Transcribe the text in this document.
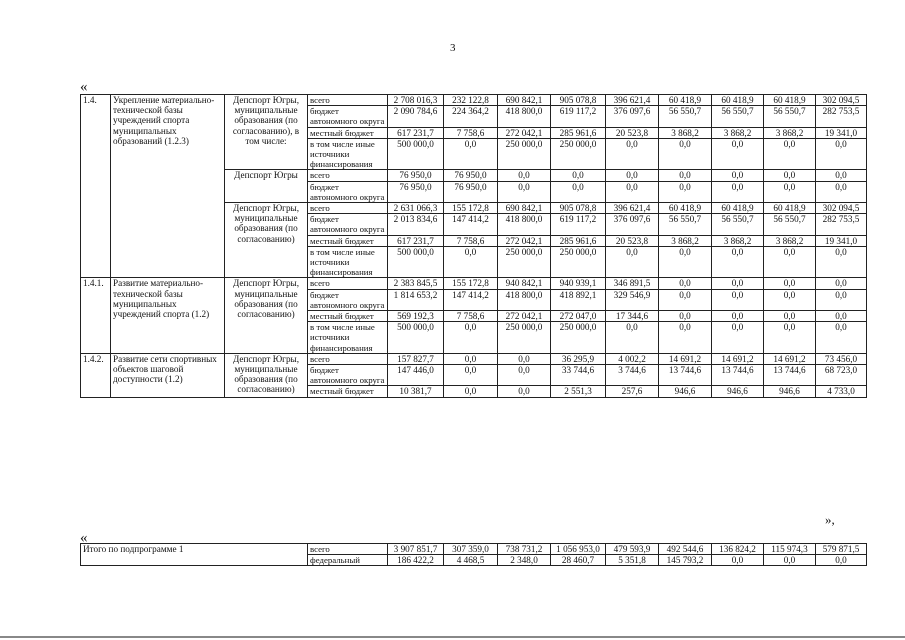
3
«
1.4.	Укрепление материально-технической базы учреждений спорта муниципальных образований (1.2.3)	Депспорт Югры, муниципальные образования (по согласованию), в том числе:	всего	2 708 016,3	232 122,8	690 842,1	905 078,8	396 621,4	60 418,9	60 418,9	60 418,9	302 094,5
			бюджет автономного округа	2 090 784,6	224 364,2	418 800,0	619 117,2	376 097,6	56 550,7	56 550,7	56 550,7	282 753,5
			местный бюджет	617 231,7	7 758,6	272 042,1	285 961,6	20 523,8	3 868,2	3 868,2	3 868,2	19 341,0
			в том числе иные источники финансирования	500 000,0	0,0	250 000,0	250 000,0	0,0	0,0	0,0	0,0	0,0
		Депспорт Югры	всего	76 950,0	76 950,0	0,0	0,0	0,0	0,0	0,0	0,0	0,0
			бюджет автономного округа	76 950,0	76 950,0	0,0	0,0	0,0	0,0	0,0	0,0	0,0
		Депспорт Югры, муниципальные образования (по согласованию)	всего	2 631 066,3	155 172,8	690 842,1	905 078,8	396 621,4	60 418,9	60 418,9	60 418,9	302 094,5
			бюджет автономного округа	2 013 834,6	147 414,2	418 800,0	619 117,2	376 097,6	56 550,7	56 550,7	56 550,7	282 753,5
			местный бюджет	617 231,7	7 758,6	272 042,1	285 961,6	20 523,8	3 868,2	3 868,2	3 868,2	19 341,0
			в том числе иные источники финансирования	500 000,0	0,0	250 000,0	250 000,0	0,0	0,0	0,0	0,0	0,0
1.4.1.	Развитие материально-технической базы муниципальных учреждений спорта (1.2)	Депспорт Югры, муниципальные образования (по согласованию)	всего	2 383 845,5	155 172,8	940 842,1	940 939,1	346 891,5	0,0	0,0	0,0	0,0
			бюджет автономного округа	1 814 653,2	147 414,2	418 800,0	418 892,1	329 546,9	0,0	0,0	0,0	0,0
			местный бюджет	569 192,3	7 758,6	272 042,1	272 047,0	17 344,6	0,0	0,0	0,0	0,0
			в том числе иные источники финансирования	500 000,0	0,0	250 000,0	250 000,0	0,0	0,0	0,0	0,0	0,0
1.4.2.	Развитие сети спортивных объектов шаговой доступности (1.2)	Депспорт Югры, муниципальные образования (по согласованию)	всего	157 827,7	0,0	0,0	36 295,9	4 002,2	14 691,2	14 691,2	14 691,2	73 456,0
			бюджет автономного округа	147 446,0	0,0	0,0	33 744,6	3 744,6	13 744,6	13 744,6	13 744,6	68 723,0
			местный бюджет	10 381,7	0,0	0,0	2 551,3	257,6	946,6	946,6	946,6	4 733,0
»,
«
Итого по подпрограмме 1	всего	3 907 851,7	307 359,0	738 731,2	1 056 953,0	479 593,9	492 544,6	136 824,2	115 974,3	579 871,5
	федеральный	186 422,2	4 468,5	2 348,0	28 460,7	5 351,8	145 793,2	0,0	0,0	0,0
